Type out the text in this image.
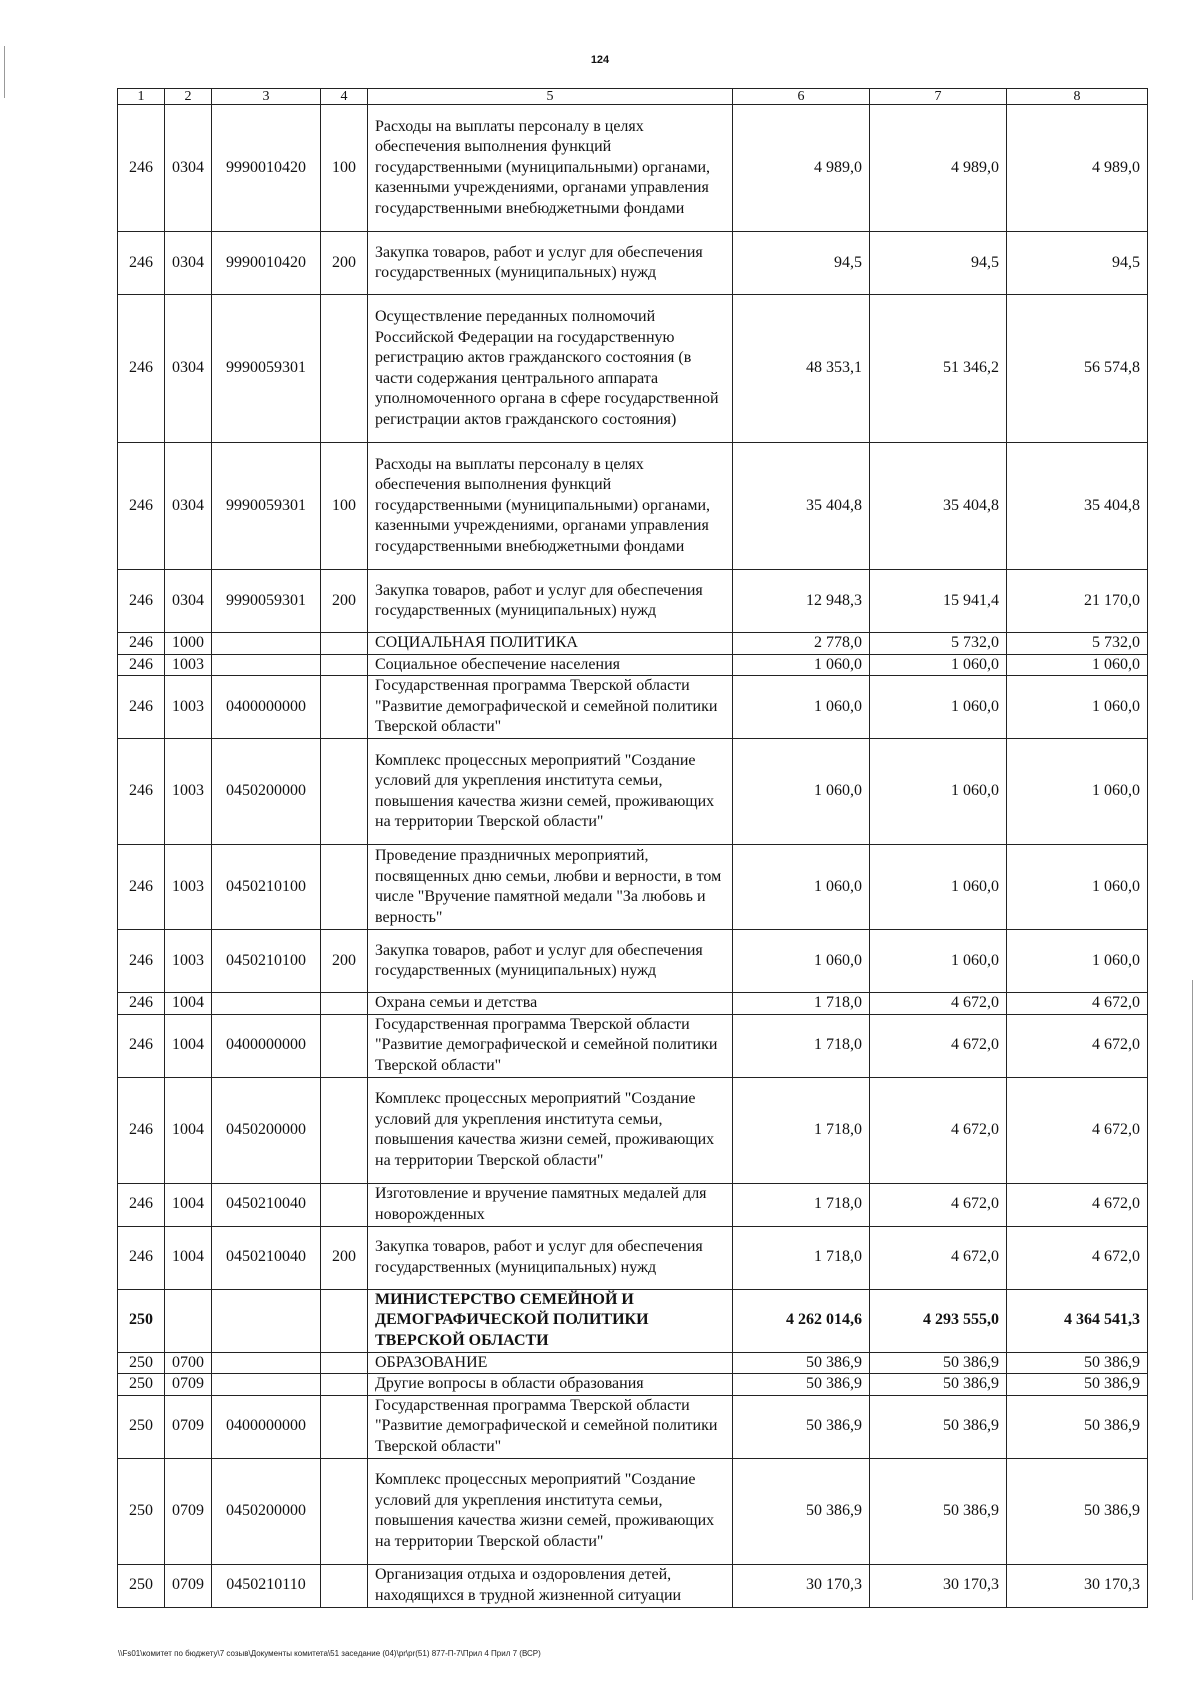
124
1	2	3	4	5	6	7	8
246	0304	9990010420	100	Расходы на выплаты персоналу в целях обеспечения выполнения функций государственными (муниципальными) органами, казенными учреждениями, органами управления государственными внебюджетными фондами	4 989,0	4 989,0	4 989,0
246	0304	9990010420	200	Закупка товаров, работ и услуг для обеспечения государственных (муниципальных) нужд	94,5	94,5	94,5
246	0304	9990059301		Осуществление переданных полномочий Российской Федерации на государственную регистрацию актов гражданского состояния (в части содержания центрального аппарата уполномоченного органа в сфере государственной регистрации актов гражданского состояния)	48 353,1	51 346,2	56 574,8
246	0304	9990059301	100	Расходы на выплаты персоналу в целях обеспечения выполнения функций государственными (муниципальными) органами, казенными учреждениями, органами управления государственными внебюджетными фондами	35 404,8	35 404,8	35 404,8
246	0304	9990059301	200	Закупка товаров, работ и услуг для обеспечения государственных (муниципальных) нужд	12 948,3	15 941,4	21 170,0
246	1000			СОЦИАЛЬНАЯ ПОЛИТИКА	2 778,0	5 732,0	5 732,0
246	1003			Социальное обеспечение населения	1 060,0	1 060,0	1 060,0
246	1003	0400000000		Государственная программа Тверской области "Развитие демографической и семейной политики Тверской области"	1 060,0	1 060,0	1 060,0
246	1003	0450200000		Комплекс процессных мероприятий "Создание условий для укрепления института семьи, повышения качества жизни семей, проживающих на территории Тверской области"	1 060,0	1 060,0	1 060,0
246	1003	0450210100		Проведение праздничных мероприятий, посвященных дню семьи, любви и верности, в том числе "Вручение памятной медали "За любовь и верность"	1 060,0	1 060,0	1 060,0
246	1003	0450210100	200	Закупка товаров, работ и услуг для обеспечения государственных (муниципальных) нужд	1 060,0	1 060,0	1 060,0
246	1004			Охрана семьи и детства	1 718,0	4 672,0	4 672,0
246	1004	0400000000		Государственная программа Тверской области "Развитие демографической и семейной политики Тверской области"	1 718,0	4 672,0	4 672,0
246	1004	0450200000		Комплекс процессных мероприятий "Создание условий для укрепления института семьи, повышения качества жизни семей, проживающих на территории Тверской области"	1 718,0	4 672,0	4 672,0
246	1004	0450210040		Изготовление и вручение памятных медалей для новорожденных	1 718,0	4 672,0	4 672,0
246	1004	0450210040	200	Закупка товаров, работ и услуг для обеспечения государственных (муниципальных) нужд	1 718,0	4 672,0	4 672,0
250				МИНИСТЕРСТВО СЕМЕЙНОЙ И ДЕМОГРАФИЧЕСКОЙ ПОЛИТИКИ ТВЕРСКОЙ ОБЛАСТИ	4 262 014,6	4 293 555,0	4 364 541,3
250	0700			ОБРАЗОВАНИЕ	50 386,9	50 386,9	50 386,9
250	0709			Другие вопросы в области образования	50 386,9	50 386,9	50 386,9
250	0709	0400000000		Государственная программа Тверской области "Развитие демографической и семейной политики Тверской области"	50 386,9	50 386,9	50 386,9
250	0709	0450200000		Комплекс процессных мероприятий "Создание условий для укрепления института семьи, повышения качества жизни семей, проживающих на территории Тверской области"	50 386,9	50 386,9	50 386,9
250	0709	0450210110		Организация отдыха и оздоровления детей, находящихся в трудной жизненной ситуации	30 170,3	30 170,3	30 170,3
\\Fs01\комитет по бюджету\7 созыв\Документы комитета\51 заседание (04)\pr\pr(51) 877-П-7\Прил 4 Прил 7 (ВСР)
